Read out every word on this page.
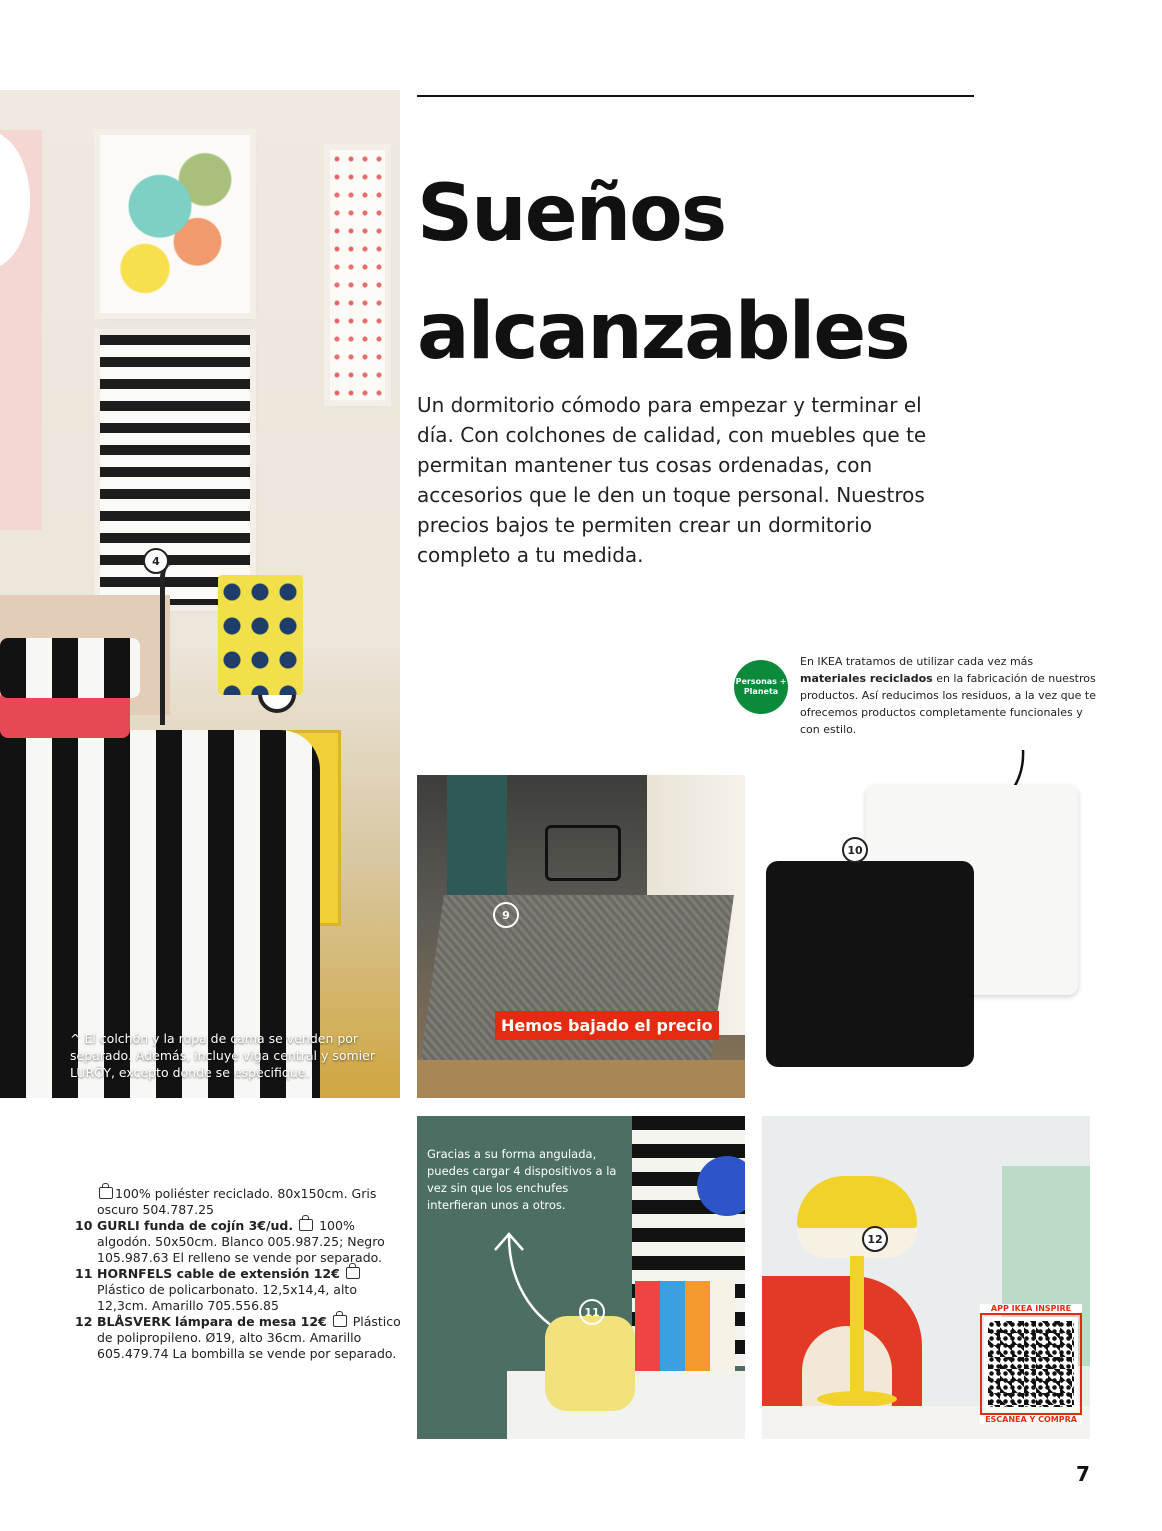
4
^ El colchón y la ropa de cama se venden por separado. Además, incluye viga central y somier LURÖY, excepto donde se especifique.
Sueños alcanzables

Un dormitorio cómodo para empezar y terminar el día. Con colchones de calidad, con muebles que te permitan mantener tus cosas ordenadas, con accesorios que le den un toque personal. Nuestros precios bajos te permiten crear un dormitorio completo a tu medida.

Personas + Planeta
En IKEA tratamos de utilizar cada vez más materiales reciclados en la fabricación de nuestros productos. Así reducimos los residuos, a la vez que te ofrecemos productos completamente funcionales y con estilo.
9
Hemos bajado el precio
10
Gracias a su forma angulada, puedes cargar 4 dispositivos a la vez sin que los enchufes interfieran unos a otros.
11
12
APP IKEA INSPIRE
ESCANEA Y COMPRA
100% poliéster reciclado. 80x150cm. Gris oscuro 504.787.25
10 GURLI funda de cojín 3€/ud. 100% algodón. 50x50cm. Blanco 005.987.25; Negro 105.987.63 El relleno se vende por separado.
11 HORNFELS cable de extensión 12€  Plástico de policarbonato. 12,5x14,4, alto 12,3cm. Amarillo 705.556.85
12 BLÅSVERK lámpara de mesa 12€ Plástico de polipropileno. Ø19, alto 36cm. Amarillo 605.479.74 La bombilla se vende por separado.
7
